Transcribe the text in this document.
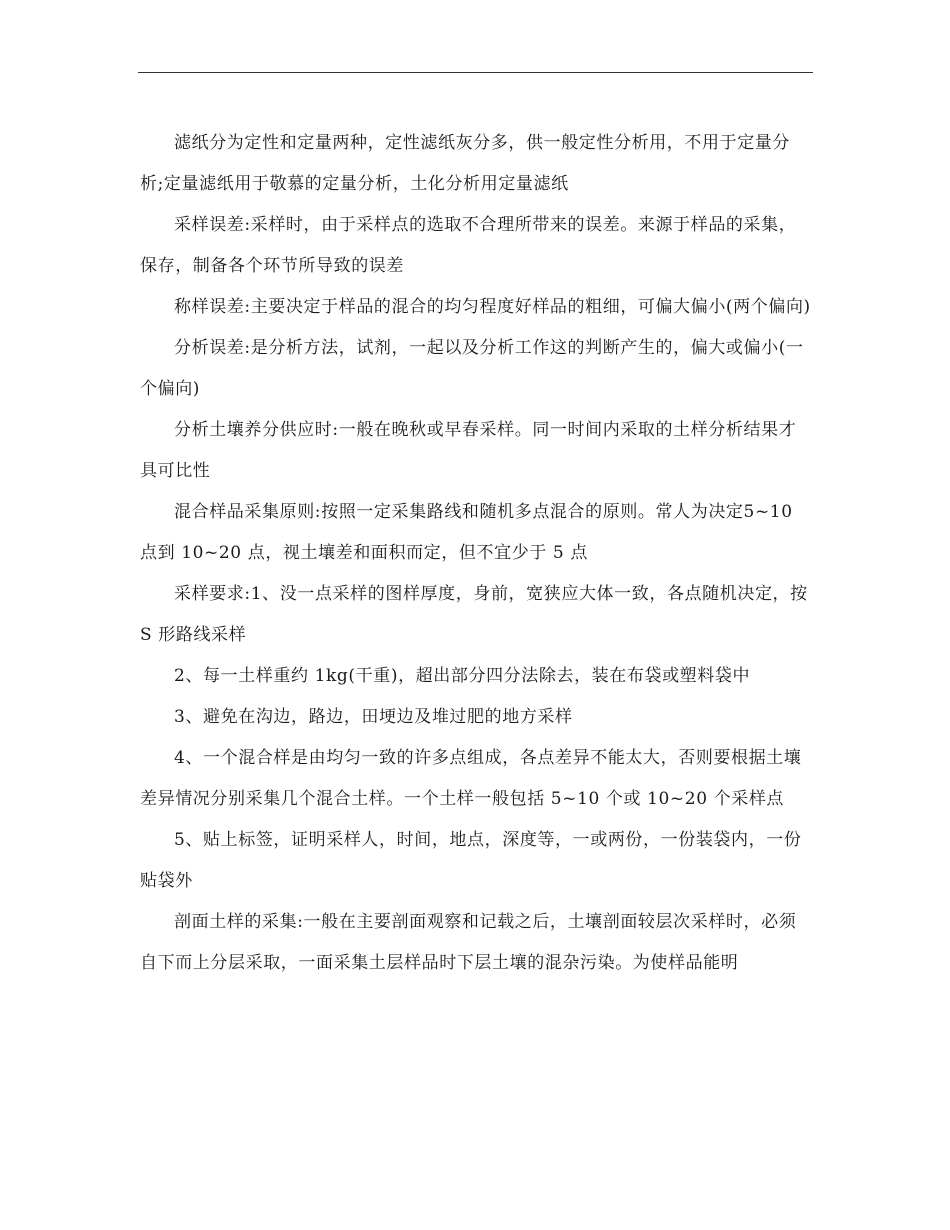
滤纸分为定性和定量两种，定性滤纸灰分多，供一般定性分析用，不用于定量分析;定量滤纸用于敬慕的定量分析，土化分析用定量滤纸

采样误差:采样时，由于采样点的选取不合理所带来的误差。来源于样品的采集，保存，制备各个环节所导致的误差

称样误差:主要决定于样品的混合的均匀程度好样品的粗细，可偏大偏小(两个偏向)

分析误差:是分析方法，试剂，一起以及分析工作这的判断产生的，偏大或偏小(一个偏向)

分析土壤养分供应时:一般在晚秋或早春采样。同一时间内采取的土样分析结果才具可比性

混合样品采集原则:按照一定采集路线和随机多点混合的原则。常人为决定5~10 点到 10~20 点，视土壤差和面积而定，但不宜少于 5 点

采样要求:1、没一点采样的图样厚度，身前，宽狭应大体一致，各点随机决定，按 S 形路线采样

2、每一土样重约 1kg(干重)，超出部分四分法除去，装在布袋或塑料袋中

3、避免在沟边，路边，田埂边及堆过肥的地方采样

4、一个混合样是由均匀一致的许多点组成，各点差异不能太大，否则要根据土壤差异情况分别采集几个混合土样。一个土样一般包括 5~10 个或 10~20 个采样点

5、贴上标签，证明采样人，时间，地点，深度等，一或两份，一份装袋内，一份贴袋外

剖面土样的采集:一般在主要剖面观察和记载之后，土壤剖面较层次采样时，必须自下而上分层采取，一面采集土层样品时下层土壤的混杂污染。为使样品能明
